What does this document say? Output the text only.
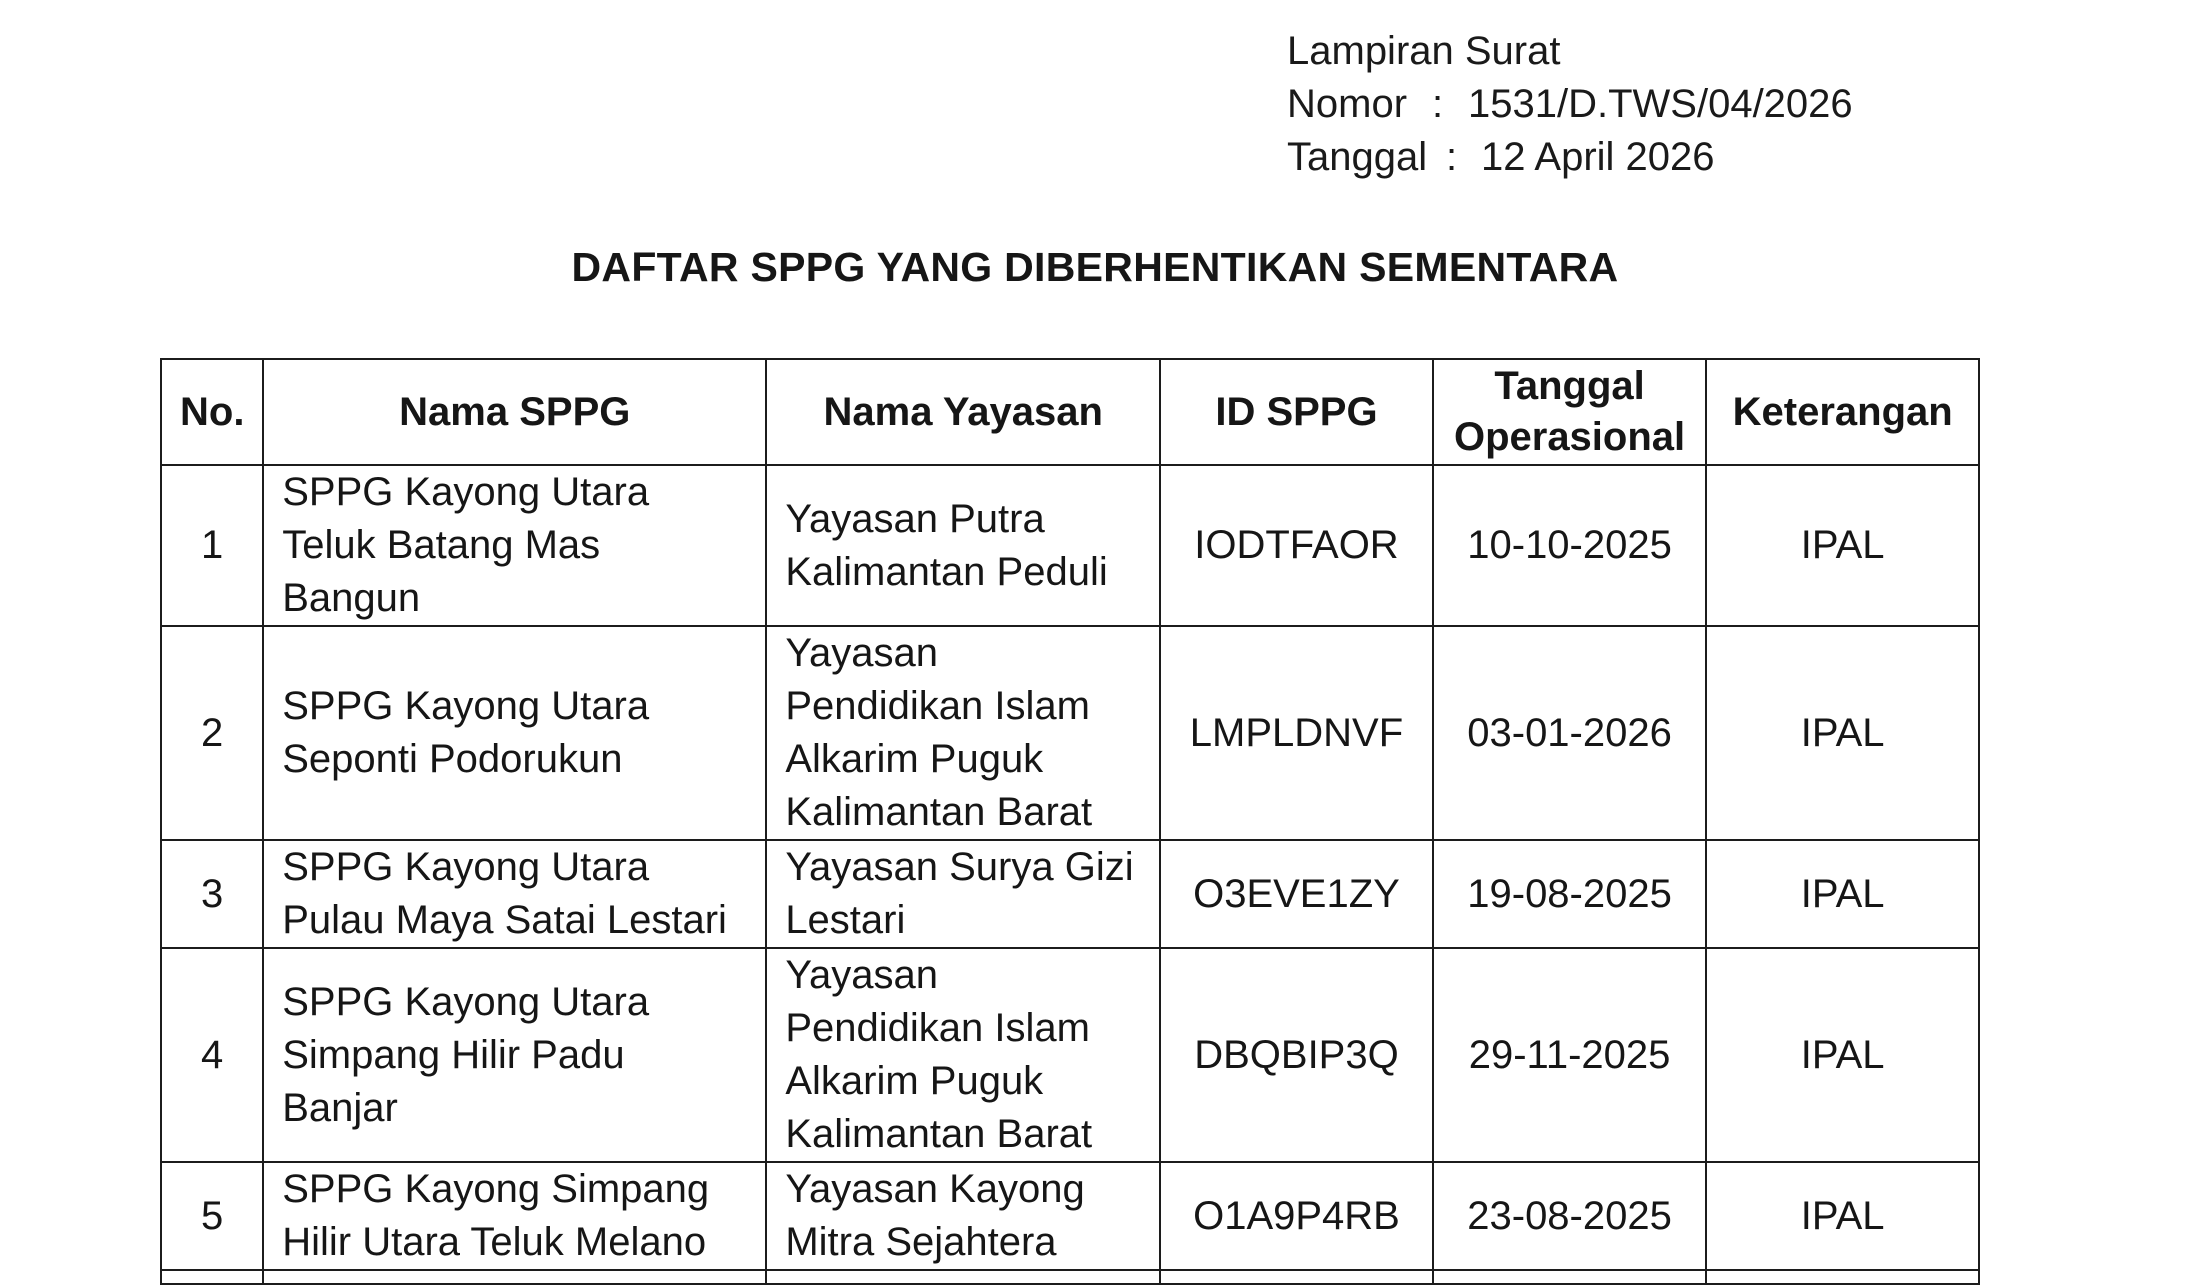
Lampiran Surat
Nomor : 1531/D.TWS/04/2026
Tanggal : 12 April 2026
DAFTAR SPPG YANG DIBERHENTIKAN SEMENTARA
No.	Nama SPPG	Nama Yayasan	ID SPPG	Tanggal Operasional	Keterangan
1	SPPG Kayong Utara Teluk Batang Mas Bangun	Yayasan Putra Kalimantan Peduli	IODTFAOR	10-10-2025	IPAL
2	SPPG Kayong Utara Seponti Podorukun	Yayasan Pendidikan Islam Alkarim Puguk Kalimantan Barat	LMPLDNVF	03-01-2026	IPAL
3	SPPG Kayong Utara Pulau Maya Satai Lestari	Yayasan Surya Gizi Lestari	O3EVE1ZY	19-08-2025	IPAL
4	SPPG Kayong Utara Simpang Hilir Padu Banjar	Yayasan Pendidikan Islam Alkarim Puguk Kalimantan Barat	DBQBIP3Q	29-11-2025	IPAL
5	SPPG Kayong Simpang Hilir Utara Teluk Melano	Yayasan Kayong Mitra Sejahtera	O1A9P4RB	23-08-2025	IPAL
